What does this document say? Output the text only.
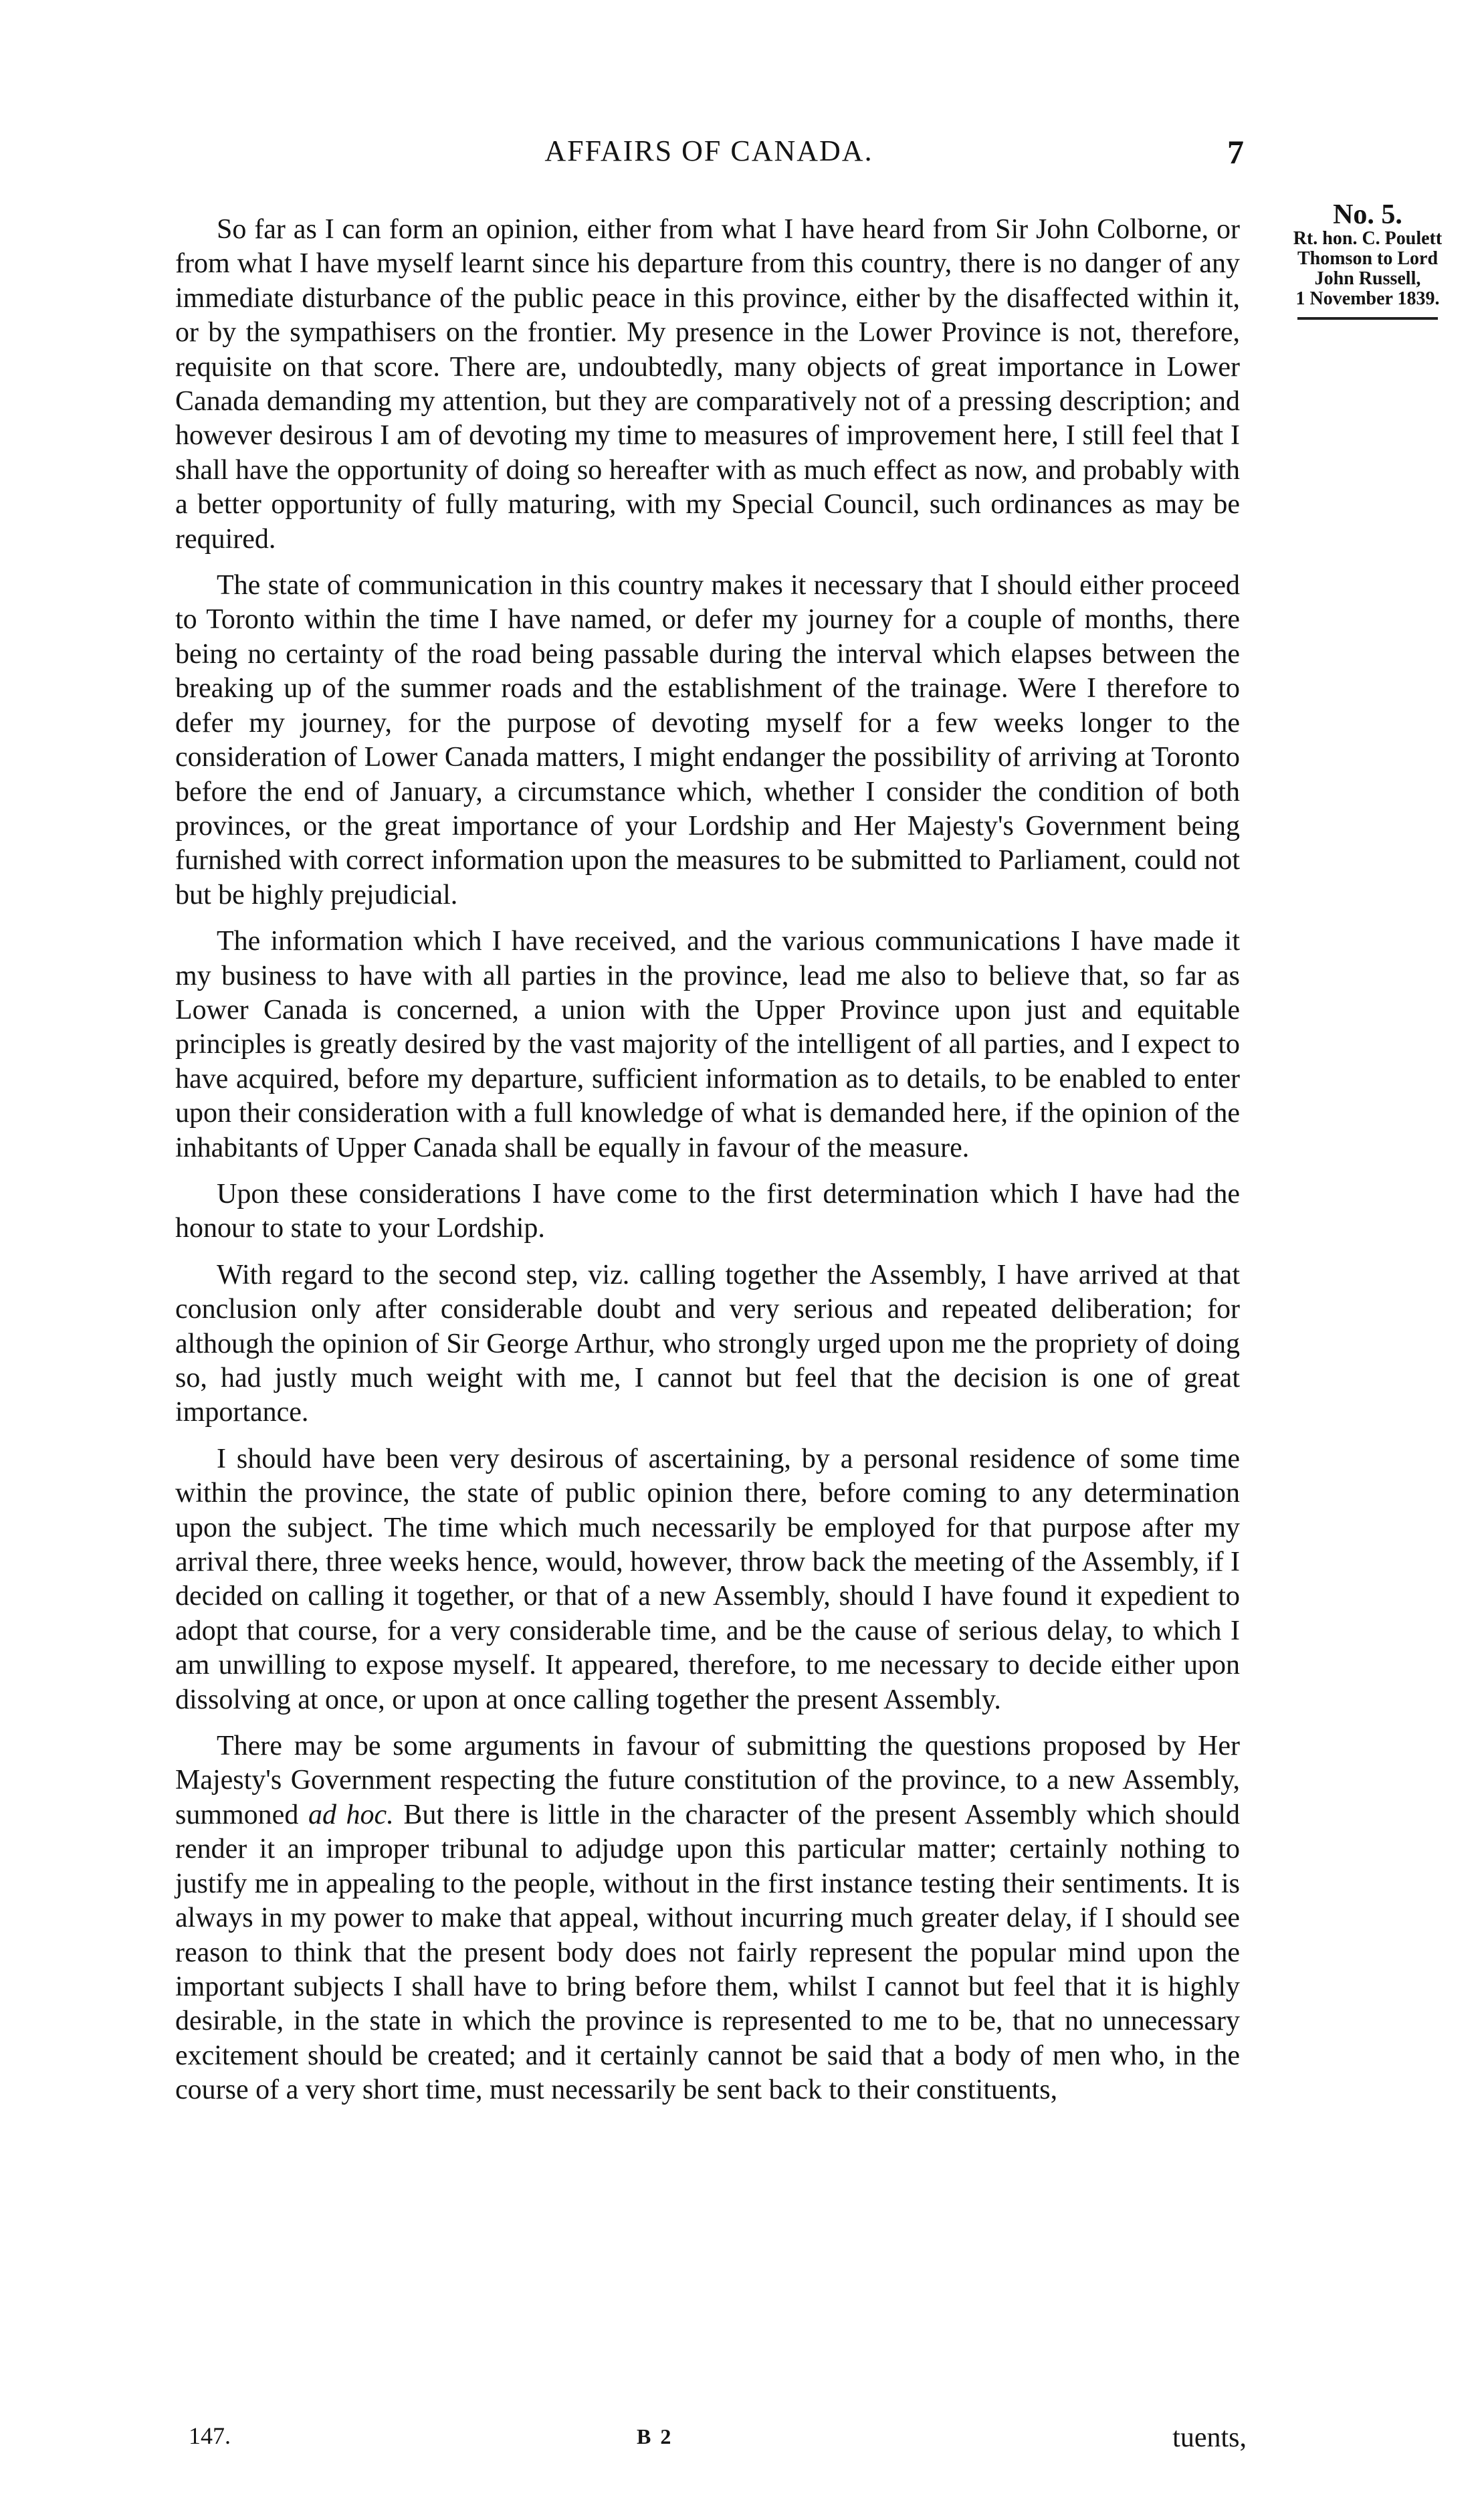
AFFAIRS OF CANADA.	7
No. 5.
Rt. hon. C. Poulett
Thomson to Lord
John Russell,
1 November 1839.

So far as I can form an opinion, either from what I have heard from Sir John Colborne, or from what I have myself learnt since his departure from this country, there is no danger of any immediate disturbance of the public peace in this province, either by the disaffected within it, or by the sympathisers on the frontier. My presence in the Lower Province is not, therefore, requisite on that score. There are, undoubtedly, many objects of great importance in Lower Canada demanding my attention, but they are comparatively not of a pressing description; and however desirous I am of devoting my time to measures of improvement here, I still feel that I shall have the opportunity of doing so hereafter with as much effect as now, and probably with a better opportunity of fully maturing, with my Special Council, such ordinances as may be required.

The state of communication in this country makes it necessary that I should either proceed to Toronto within the time I have named, or defer my journey for a couple of months, there being no certainty of the road being passable during the interval which elapses between the breaking up of the summer roads and the establishment of the trainage. Were I therefore to defer my journey, for the purpose of devoting myself for a few weeks longer to the consideration of Lower Canada matters, I might endanger the possibility of arriving at Toronto before the end of January, a circumstance which, whether I consider the condition of both provinces, or the great importance of your Lordship and Her Majesty's Government being furnished with correct information upon the measures to be submitted to Parliament, could not but be highly prejudicial.

The information which I have received, and the various communications I have made it my business to have with all parties in the province, lead me also to believe that, so far as Lower Canada is concerned, a union with the Upper Province upon just and equitable principles is greatly desired by the vast majority of the intelligent of all parties, and I expect to have acquired, before my departure, sufficient information as to details, to be enabled to enter upon their consideration with a full knowledge of what is demanded here, if the opinion of the inhabitants of Upper Canada shall be equally in favour of the measure.

Upon these considerations I have come to the first determination which I have had the honour to state to your Lordship.

With regard to the second step, viz. calling together the Assembly, I have arrived at that conclusion only after considerable doubt and very serious and repeated deliberation; for although the opinion of Sir George Arthur, who strongly urged upon me the propriety of doing so, had justly much weight with me, I cannot but feel that the decision is one of great importance.

I should have been very desirous of ascertaining, by a personal residence of some time within the province, the state of public opinion there, before coming to any determination upon the subject. The time which much necessarily be employed for that purpose after my arrival there, three weeks hence, would, however, throw back the meeting of the Assembly, if I decided on calling it together, or that of a new Assembly, should I have found it expedient to adopt that course, for a very considerable time, and be the cause of serious delay, to which I am unwilling to expose myself. It appeared, therefore, to me necessary to decide either upon dissolving at once, or upon at once calling together the present Assembly.

There may be some arguments in favour of submitting the questions proposed by Her Majesty's Government respecting the future constitution of the province, to a new Assembly, summoned ad hoc. But there is little in the character of the present Assembly which should render it an improper tribunal to adjudge upon this particular matter; certainly nothing to justify me in appealing to the people, without in the first instance testing their sentiments. It is always in my power to make that appeal, without incurring much greater delay, if I should see reason to think that the present body does not fairly represent the popular mind upon the important subjects I shall have to bring before them, whilst I cannot but feel that it is highly desirable, in the state in which the province is represented to me to be, that no unnecessary excitement should be created; and it certainly cannot be said that a body of men who, in the course of a very short time, must necessarily be sent back to their constituents,

147.	B 2	tuents,
